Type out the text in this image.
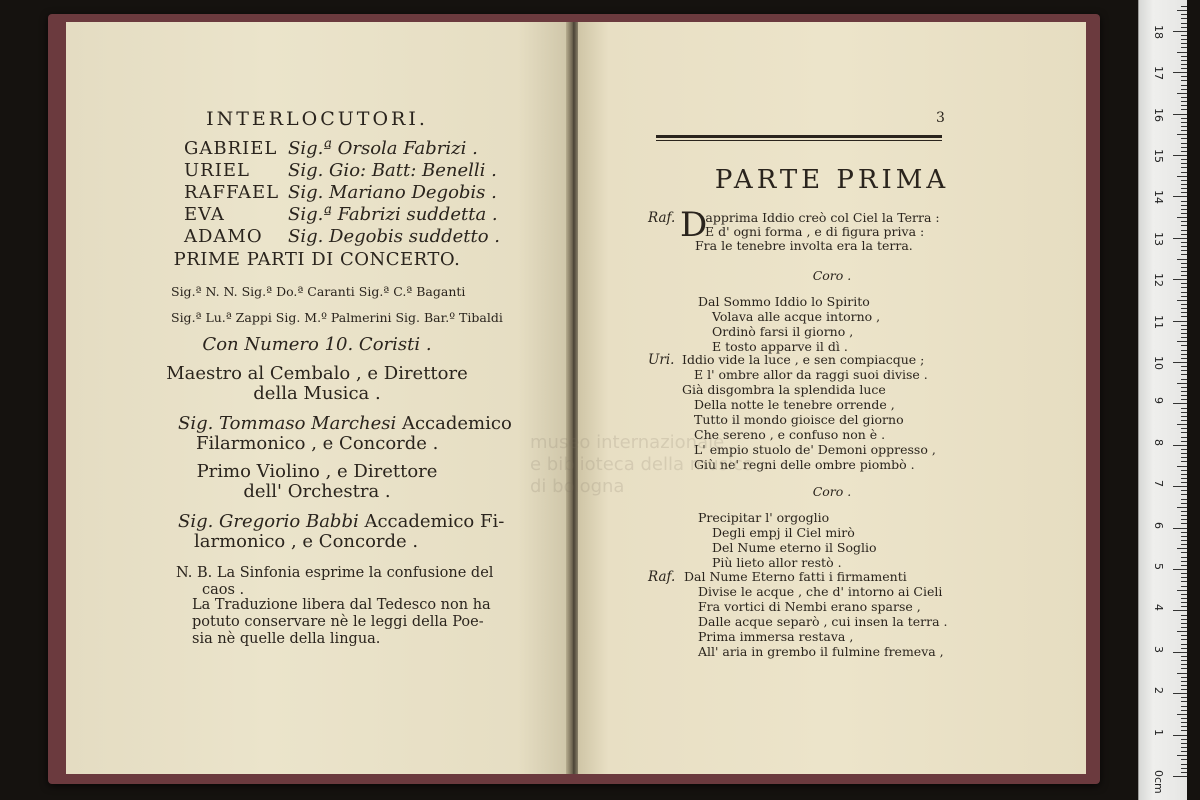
INTERLOCUTORI.
GABRIEL Sig.ª Orsola Fabrizi .
URIEL	Sig. Gio: Batt: Benelli .
RAFFAEL Sig. Mariano Degobis .
EVA	Sig.ª Fabrizi suddetta .
ADAMO	Sig. Degobis suddetto .
PRIME PARTI DI CONCERTO.
Sig.ª N. N. Sig.ª Do.ª Caranti Sig.ª C.ª Baganti
Sig.ª Lu.ª Zappi Sig. M.º Palmerini Sig. Bar.º Tibaldi
Con Numero 10. Coristi .
Maestro al Cembalo , e Direttore
della Musica .
Sig. Tommaso Marchesi Accademico
Filarmonico , e Concorde .
Primo Violino , e Direttore
dell' Orchestra .
Sig. Gregorio Babbi Accademico Fi-
larmonico , e Concorde .
N. B. La Sinfonia esprime la confusione del
caos .
La Traduzione libera dal Tedesco non ha
potuto conservare nè le leggi della Poe-
sia nè quelle della lingua.
3
PARTE PRIMA
Raf. D
' apprima Iddio creò col Ciel la Terra :
E d' ogni forma , e di figura priva :
Fra le tenebre involta era la terra.
Coro .
Dal Sommo Iddio lo Spirito
Volava alle acque intorno ,
Ordinò farsi il giorno ,
E tosto apparve il dì .
Uri. Iddio vide la luce , e sen compiacque ;
E l' ombre allor da raggi suoi divise .
Già disgombra la splendida luce
Della notte le tenebre orrende ,
Tutto il mondo gioisce del giorno
Che sereno , e confuso non è .
L' empio stuolo de' Demoni oppresso ,
Giù ne' regni delle ombre piombò .
Coro .
Precipitar l' orgoglio
Degli empj il Ciel mirò
Del Nume eterno il Soglio
Più lieto allor restò .
Raf. Dal Nume Eterno fatti i firmamenti
Divise le acque , che d' intorno ai Cieli
Fra vortici di Nembi erano sparse ,
Dalle acque separò , cui insen la terra .
Prima immersa restava ,
All' aria in grembo il fulmine fremeva ,
museo internazionale
e biblioteca della musica
di bologna
0cm
1
2
3
4
5
6
7
8
9
10
11
12
13
14
15
16
17
18
